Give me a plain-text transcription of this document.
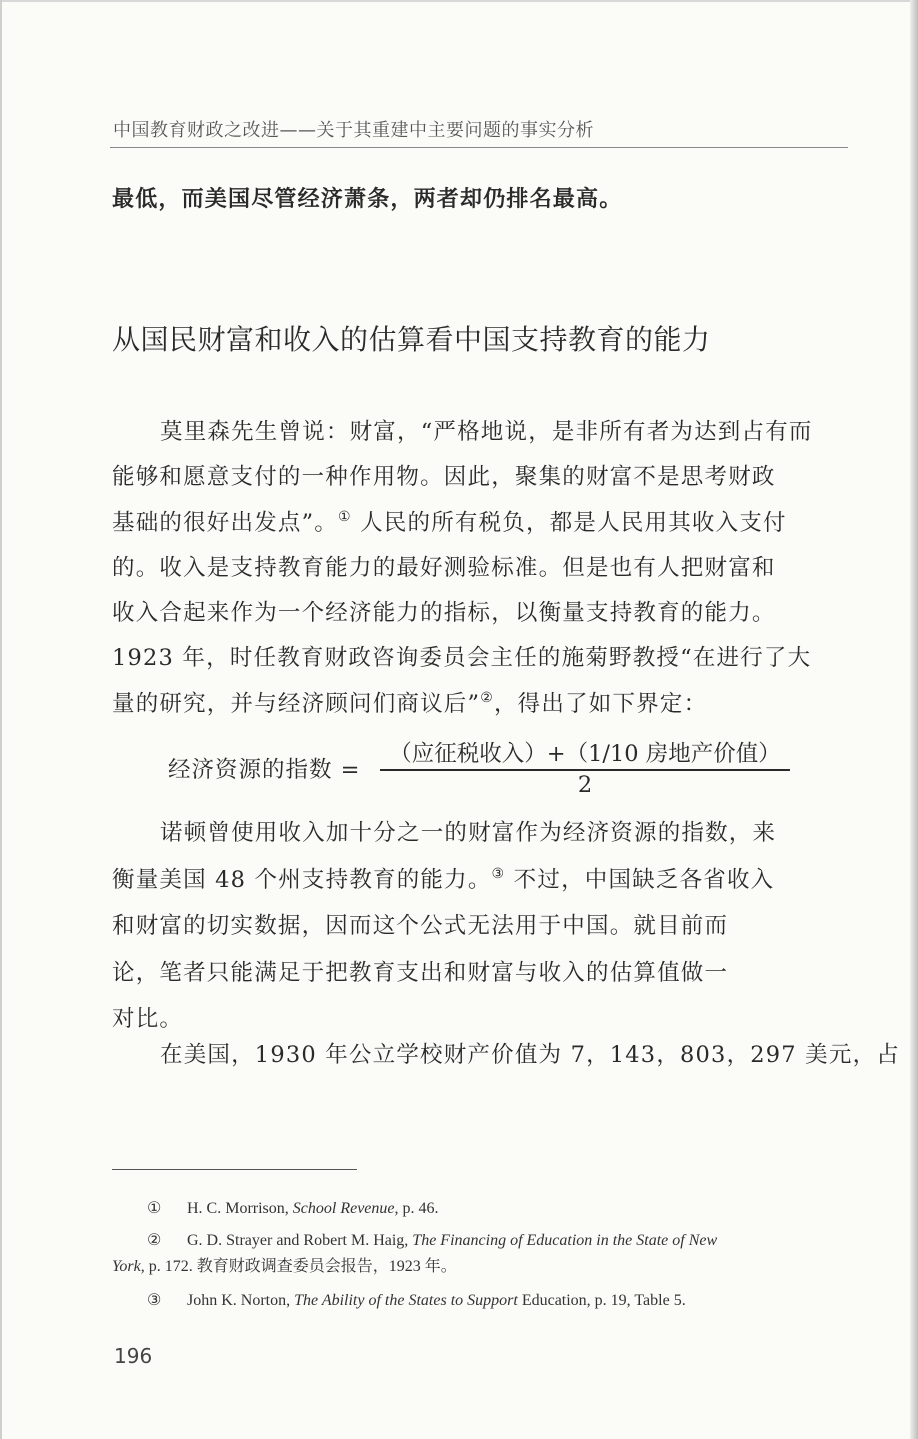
中国教育财政之改进——关于其重建中主要问题的事实分析
最低，而美国尽管经济萧条，两者却仍排名最高。
从国民财富和收入的估算看中国支持教育的能力
莫里森先生曾说：财富，“严格地说，是非所有者为达到占有而
能够和愿意支付的一种作用物。因此，聚集的财富不是思考财政
基础的很好出发点”。① 人民的所有税负，都是人民用其收入支付
的。收入是支持教育能力的最好测验标准。但是也有人把财富和
收入合起来作为一个经济能力的指标，以衡量支持教育的能力。
1923 年，时任教育财政咨询委员会主任的施菊野教授“在进行了大
量的研究，并与经济顾问们商议后”②，得出了如下界定：
经济资源的指数 =
（应征税收入）+（1/10 房地产价值）
2
诺顿曾使用收入加十分之一的财富作为经济资源的指数，来
衡量美国 48 个州支持教育的能力。③ 不过，中国缺乏各省收入
和财富的切实数据，因而这个公式无法用于中国。就目前而
论，笔者只能满足于把教育支出和财富与收入的估算值做一
对比。
在美国，1930 年公立学校财产价值为 7，143，803，297 美元，占
① H. C. Morrison, School Revenue, p. 46.
② G. D. Strayer and Robert M. Haig, The Financing of Education in the State of New
York, p. 172. 教育财政调查委员会报告，1923 年。
③ John K. Norton, The Ability of the States to Support Education, p. 19, Table 5.
196
